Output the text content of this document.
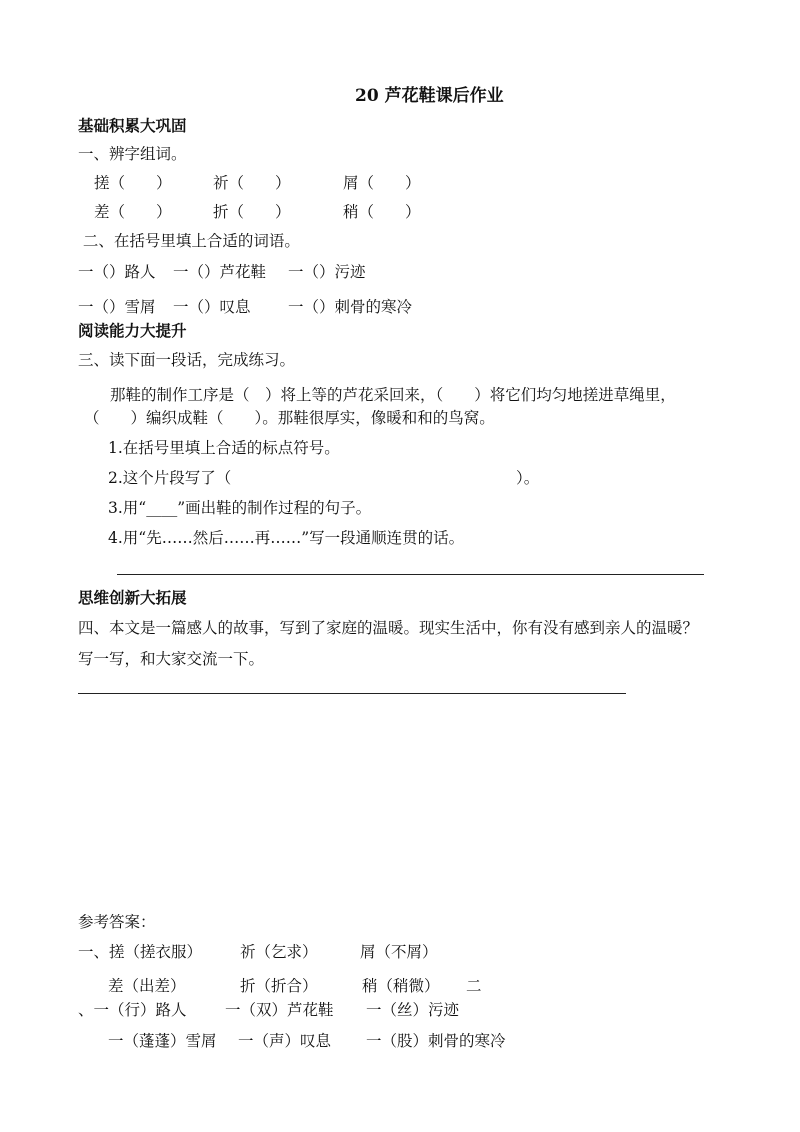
20 芦花鞋课后作业
基础积累大巩固
一、辨字组词。
搓（　　）	祈（　　）	屑（　　）
差（　　）	折（　　）	稍（　　）
二、在括号里填上合适的词语。
一（）路人 一（）芦花鞋 一（）污迹
一（）雪屑 一（）叹息 一（）刺骨的寒冷
阅读能力大提升
三、读下面一段话，完成练习。
那鞋的制作工序是（　）将上等的芦花采回来，（　　）将它们均匀地搓进草绳里，
（　　）编织成鞋（　　）。那鞋很厚实，像暖和和的鸟窝。
1.在括号里填上合适的标点符号。
2.这个片段写了（	）。
3.用“____”画出鞋的制作过程的句子。
4.用“先……然后……再……”写一段通顺连贯的话。
思维创新大拓展
四、本文是一篇感人的故事，写到了家庭的温暖。现实生活中，你有没有感到亲人的温暖？
写一写，和大家交流一下。
参考答案：
一、搓（搓衣服） 祈（乞求）	屑（不屑）
差（出差）	折（折合）	稍（稍微） 二
、一（行）路人 一（双）芦花鞋 一（丝）污迹
一（蓬蓬）雪屑 一（声）叹息 一（股）刺骨的寒冷
